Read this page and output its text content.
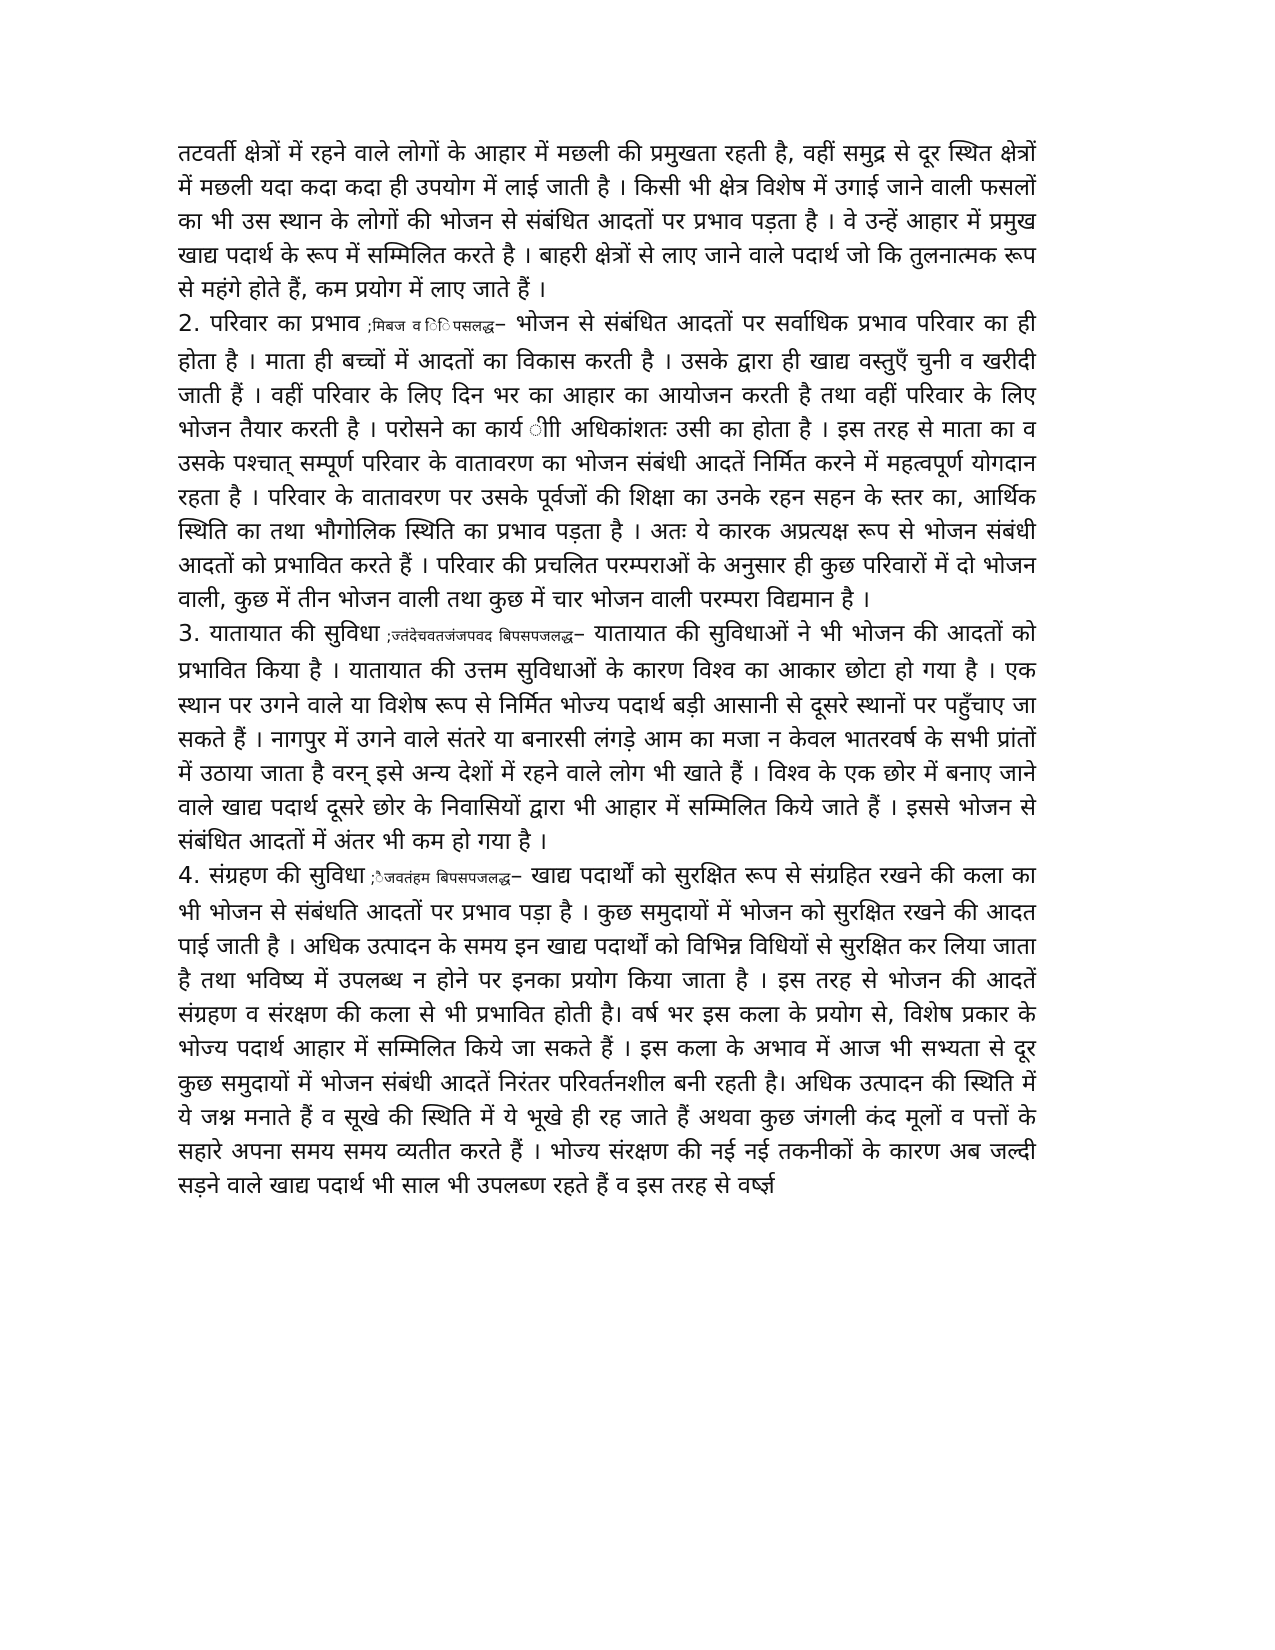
तटवर्ती क्षेत्रों में रहने वाले लोगों के आहार में मछली की प्रमुखता रहती है, वहीं समुद्र से दूर स्थित क्षेत्रों में मछली यदा कदा कदा ही उपयोग में लाई जाती है । किसी भी क्षेत्र विशेष में उगाई जाने वाली फसलों का भी उस स्थान के लोगों की भोजन से संबंधित आदतों पर प्रभाव पड़ता है । वे उन्हें आहार में प्रमुख खाद्य पदार्थ के रूप में सम्मिलित करते है । बाहरी क्षेत्रों से लाए जाने वाले पदार्थ जो कि तुलनात्मक रूप से महंगे होते हैं, कम प्रयोग में लाए जाते हैं ।

2. परिवार का प्रभाव ;मिबज व िंिपसलद्ध– भोजन से संबंधित आदतों पर सर्वाधिक प्रभाव परिवार का ही होता है । माता ही बच्चों में आदतों का विकास करती है । उसके द्वारा ही खाद्य वस्तुएँ चुनी व खरीदी जाती हैं । वहीं परिवार के लिए दिन भर का आहार का आयोजन करती है तथा वहीं परिवार के लिए भोजन तैयार करती है । परोसने का कार्य ीाी अधिकांशतः उसी का होता है । इस तरह से माता का व उसके पश्चात् सम्पूर्ण परिवार के वातावरण का भोजन संबंधी आदतें निर्मित करने में महत्वपूर्ण योगदान रहता है । परिवार के वातावरण पर उसके पूर्वजों की शिक्षा का उनके रहन सहन के स्तर का, आर्थिक स्थिति का तथा भौगोलिक स्थिति का प्रभाव पड़ता है । अतः ये कारक अप्रत्यक्ष रूप से भोजन संबंधी आदतों को प्रभावित करते हैं । परिवार की प्रचलित परम्पराओं के अनुसार ही कुछ परिवारों में दो भोजन वाली, कुछ में तीन भोजन वाली तथा कुछ में चार भोजन वाली परम्परा विद्यमान है ।

3. यातायात की सुविधा ;ज्तंदेचवतजंजपवद बिपसपजलद्ध– यातायात की सुविधाओं ने भी भोजन की आदतों को प्रभावित किया है । यातायात की उत्तम सुविधाओं के कारण विश्व का आकार छोटा हो गया है । एक स्थान पर उगने वाले या विशेष रूप से निर्मित भोज्य पदार्थ बड़ी आसानी से दूसरे स्थानों पर पहुँचाए जा सकते हैं । नागपुर में उगने वाले संतरे या बनारसी लंगड़े आम का मजा न केवल भातरवर्ष के सभी प्रांतों में उठाया जाता है वरन् इसे अन्य देशों में रहने वाले लोग भी खाते हैं । विश्व के एक छोर में बनाए जाने वाले खाद्य पदार्थ दूसरे छोर के निवासियों द्वारा भी आहार में सम्मिलित किये जाते हैं । इससे भोजन से संबंधित आदतों में अंतर भी कम हो गया है ।

4. संग्रहण की सुविधा ;ैजवतंहम बिपसपजलद्ध– खाद्य पदार्थों को सुरक्षित रूप से संग्रहित रखने की कला का भी भोजन से संबंधति आदतों पर प्रभाव पड़ा है । कुछ समुदायों में भोजन को सुरक्षित रखने की आदत पाई जाती है । अधिक उत्पादन के समय इन खाद्य पदार्थों को विभिन्न विधियों से सुरक्षित कर लिया जाता है तथा भविष्य में उपलब्ध न होने पर इनका प्रयोग किया जाता है । इस तरह से भोजन की आदतें संग्रहण व संरक्षण की कला से भी प्रभावित होती है। वर्ष भर इस कला के प्रयोग से, विशेष प्रकार के भोज्य पदार्थ आहार में सम्मिलित किये जा सकते हैं । इस कला के अभाव में आज भी सभ्यता से दूर कुछ समुदायों में भोजन संबंधी आदतें निरंतर परिवर्तनशील बनी रहती है। अधिक उत्पादन की स्थिति में ये जश्न मनाते हैं व सूखे की स्थिति में ये भूखे ही रह जाते हैं अथवा कुछ जंगली कंद मूलों व पत्तों के सहारे अपना समय समय व्यतीत करते हैं । भोज्य संरक्षण की नई नई तकनीकों के कारण अब जल्दी सड़ने वाले खाद्य पदार्थ भी साल भी उपलब्ण रहते हैं व इस तरह से वर्ष्ज्ञ
